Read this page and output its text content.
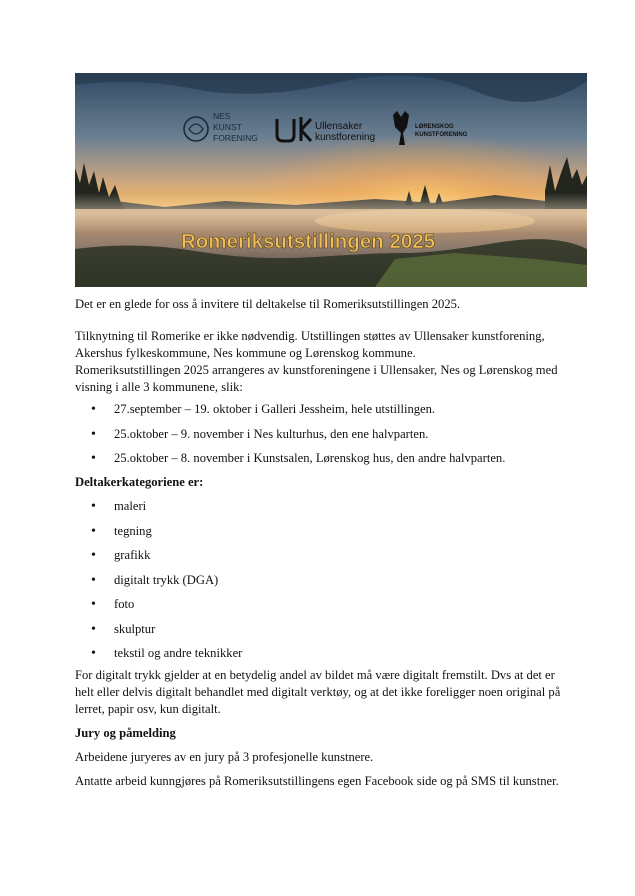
NES
KUNST
FORENING
Ullensaker
kunstforening
LØRENSKOG
KUNSTFORENING
Romeriksutstillingen 2025

Det er en glede for oss å invitere til deltakelse til Romeriksutstillingen 2025.

Tilknytning til Romerike er ikke nødvendig. Utstillingen støttes av Ullensaker kunstforening, Akershus fylkeskommune, Nes kommune og Lørenskog kommune.

Romeriksutstillingen 2025 arrangeres av kunstforeningene i Ullensaker, Nes og Lørenskog med visning i alle 3 kommunene, slik:

• 27.september – 19. oktober i Galleri Jessheim, hele utstillingen.
• 25.oktober – 9. november i Nes kulturhus, den ene halvparten.
• 25.oktober – 8. november i Kunstsalen, Lørenskog hus, den andre halvparten.

Deltakerkategoriene er:

• maleri
• tegning
• grafikk
• digitalt trykk (DGA)
• foto
• skulptur
• tekstil og andre teknikker

For digitalt trykk gjelder at en betydelig andel av bildet må være digitalt fremstilt. Dvs at det er helt eller delvis digitalt behandlet med digitalt verktøy, og at det ikke foreligger noen original på lerret, papir osv, kun digitalt.

Jury og påmelding

Arbeidene juryeres av en jury på 3 profesjonelle kunstnere.

Antatte arbeid kunngjøres på Romeriksutstillingens egen Facebook side og på SMS til kunstner.
